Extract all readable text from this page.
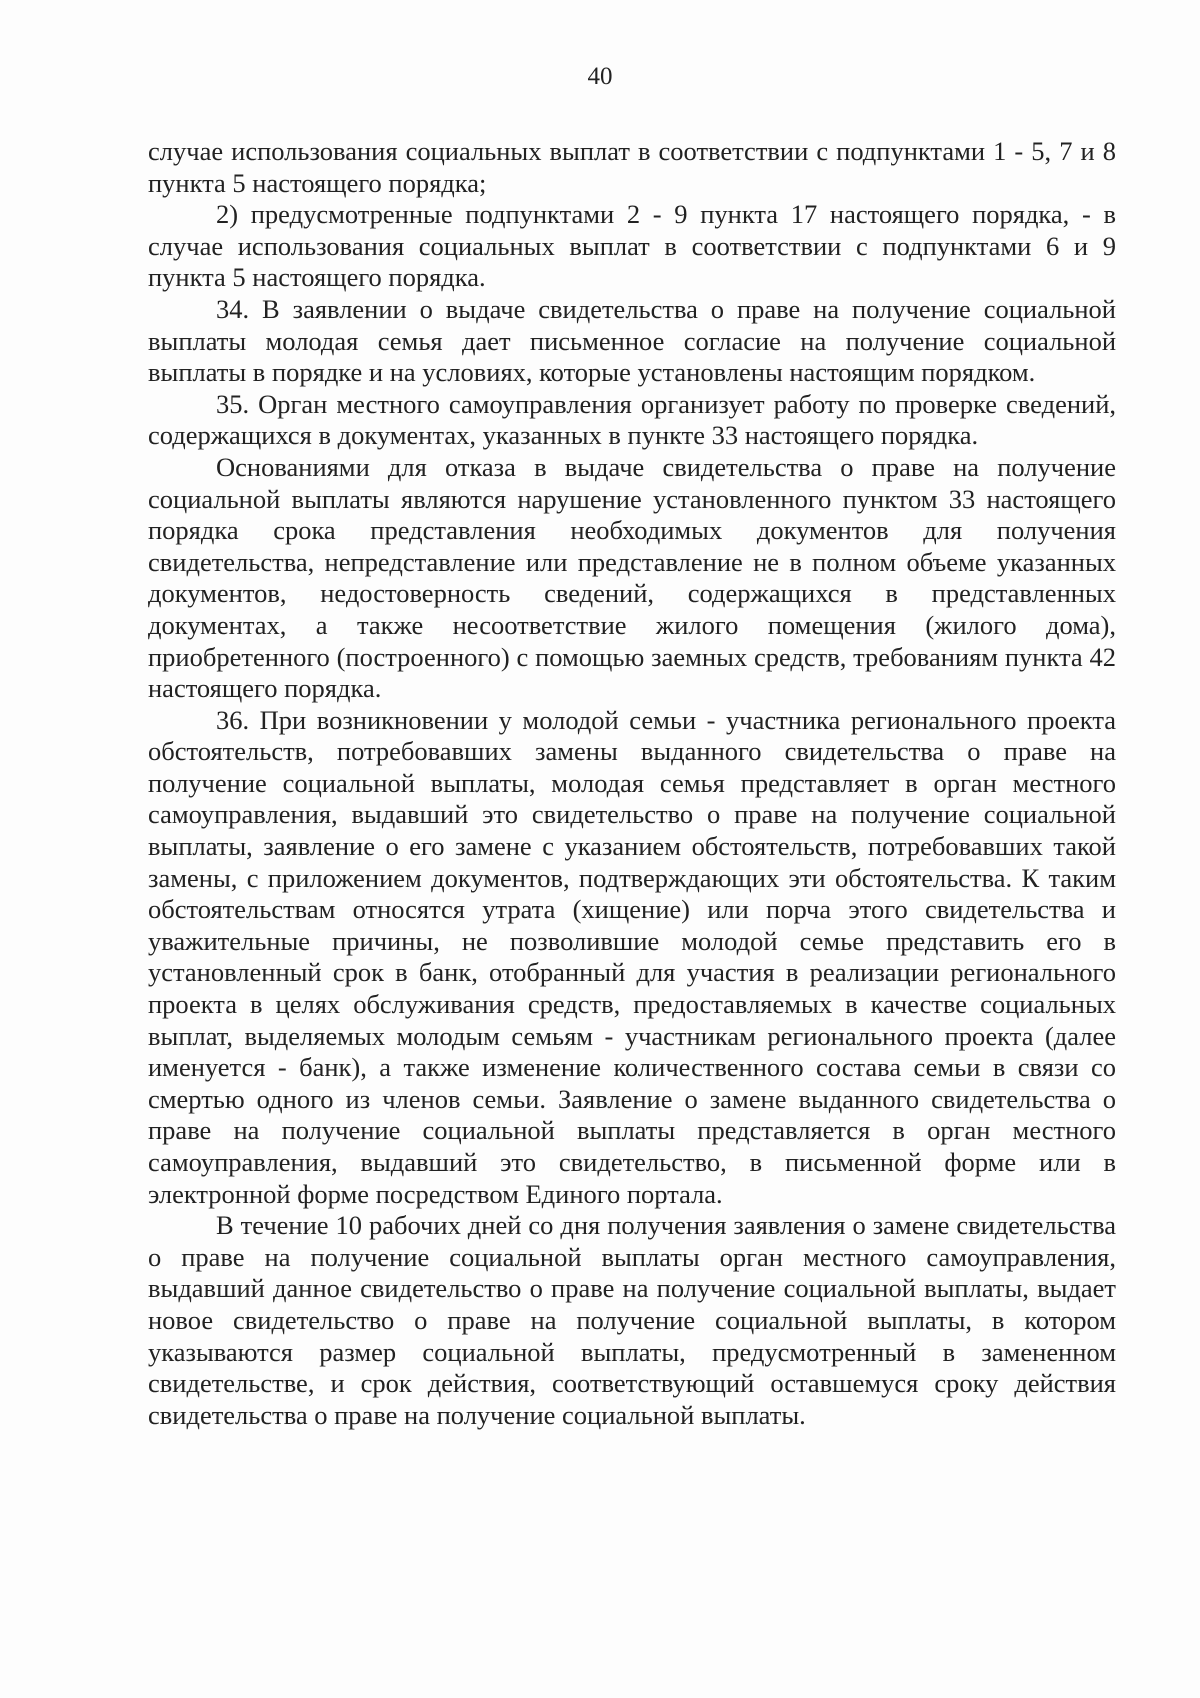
40

случае использования социальных выплат в соответствии с подпунктами 1 - 5, 7 и 8 пункта 5 настоящего порядка;

2) предусмотренные подпунктами 2 - 9 пункта 17 настоящего порядка, - в случае использования социальных выплат в соответствии с подпунктами 6 и 9 пункта 5 настоящего порядка.

34. В заявлении о выдаче свидетельства о праве на получение социальной выплаты молодая семья дает письменное согласие на получение социальной выплаты в порядке и на условиях, которые установлены настоящим порядком.

35. Орган местного самоуправления организует работу по проверке сведений, содержащихся в документах, указанных в пункте 33 настоящего порядка.

Основаниями для отказа в выдаче свидетельства о праве на получение социальной выплаты являются нарушение установленного пунктом 33 настоящего порядка срока представления необходимых документов для получения свидетельства, непредставление или представление не в полном объеме указанных документов, недостоверность сведений, содержащихся в представленных документах, а также несоответствие жилого помещения (жилого дома), приобретенного (построенного) с помощью заемных средств, требованиям пункта 42 настоящего порядка.

36. При возникновении у молодой семьи - участника регионального проекта обстоятельств, потребовавших замены выданного свидетельства о праве на получение социальной выплаты, молодая семья представляет в орган местного самоуправления, выдавший это свидетельство о праве на получение социальной выплаты, заявление о его замене с указанием обстоятельств, потребовавших такой замены, с приложением документов, подтверждающих эти обстоятельства. К таким обстоятельствам относятся утрата (хищение) или порча этого свидетельства и уважительные причины, не позволившие молодой семье представить его в установленный срок в банк, отобранный для участия в реализации регионального проекта в целях обслуживания средств, предоставляемых в качестве социальных выплат, выделяемых молодым семьям - участникам регионального проекта (далее именуется - банк), а также изменение количественного состава семьи в связи со смертью одного из членов семьи. Заявление о замене выданного свидетельства о праве на получение социальной выплаты представляется в орган местного самоуправления, выдавший это свидетельство, в письменной форме или в электронной форме посредством Единого портала.

В течение 10 рабочих дней со дня получения заявления о замене свидетельства о праве на получение социальной выплаты орган местного самоуправления, выдавший данное свидетельство о праве на получение социальной выплаты, выдает новое свидетельство о праве на получение социальной выплаты, в котором указываются размер социальной выплаты, предусмотренный в замененном свидетельстве, и срок действия, соответствующий оставшемуся сроку действия свидетельства о праве на получение социальной выплаты.
